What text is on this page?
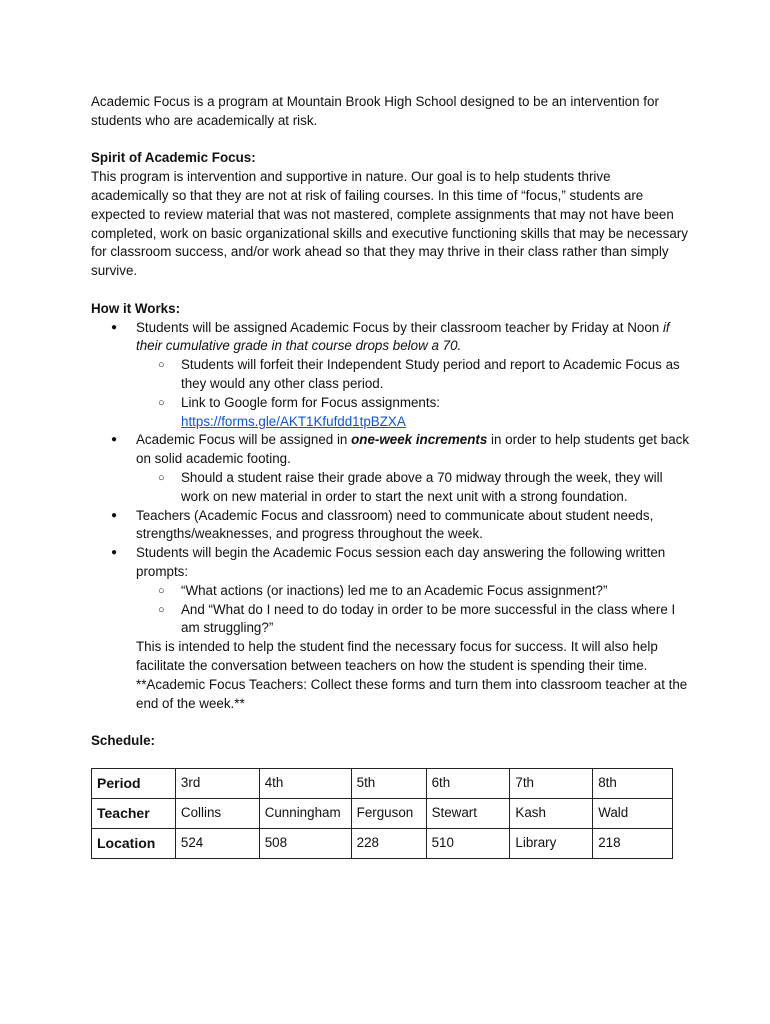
Academic Focus is a program at Mountain Brook High School designed to be an intervention for students who are academically at risk.

Spirit of Academic Focus:

This program is intervention and supportive in nature. Our goal is to help students thrive academically so that they are not at risk of failing courses. In this time of “focus,” students are expected to review material that was not mastered, complete assignments that may not have been completed, work on basic organizational skills and executive functioning skills that may be necessary for classroom success, and/or work ahead so that they may thrive in their class rather than simply survive.

How it Works:

● Students will be assigned Academic Focus by their classroom teacher by Friday at Noon if their cumulative grade in that course drops below a 70.
○ Students will forfeit their Independent Study period and report to Academic Focus as they would any other class period.
○ Link to Google form for Focus assignments:
https://forms.gle/AKT1Kfufdd1tpBZXA
● Academic Focus will be assigned in one-week increments in order to help students get back on solid academic footing.
○ Should a student raise their grade above a 70 midway through the week, they will work on new material in order to start the next unit with a strong foundation.
● Teachers (Academic Focus and classroom) need to communicate about student needs, strengths/weaknesses, and progress throughout the week.
● Students will begin the Academic Focus session each day answering the following written prompts:
○ “What actions (or inactions) led me to an Academic Focus assignment?”
○ And “What do I need to do today in order to be more successful in the class where I am struggling?”

This is intended to help the student find the necessary focus for success. It will also help facilitate the conversation between teachers on how the student is spending their time.

**Academic Focus Teachers: Collect these forms and turn them into classroom teacher at the end of the week.**

Schedule:

Period	3rd	4th	5th	6th	7th	8th
Teacher	Collins	Cunningham	Ferguson	Stewart	Kash	Wald
Location	524	508	228	510	Library	218
